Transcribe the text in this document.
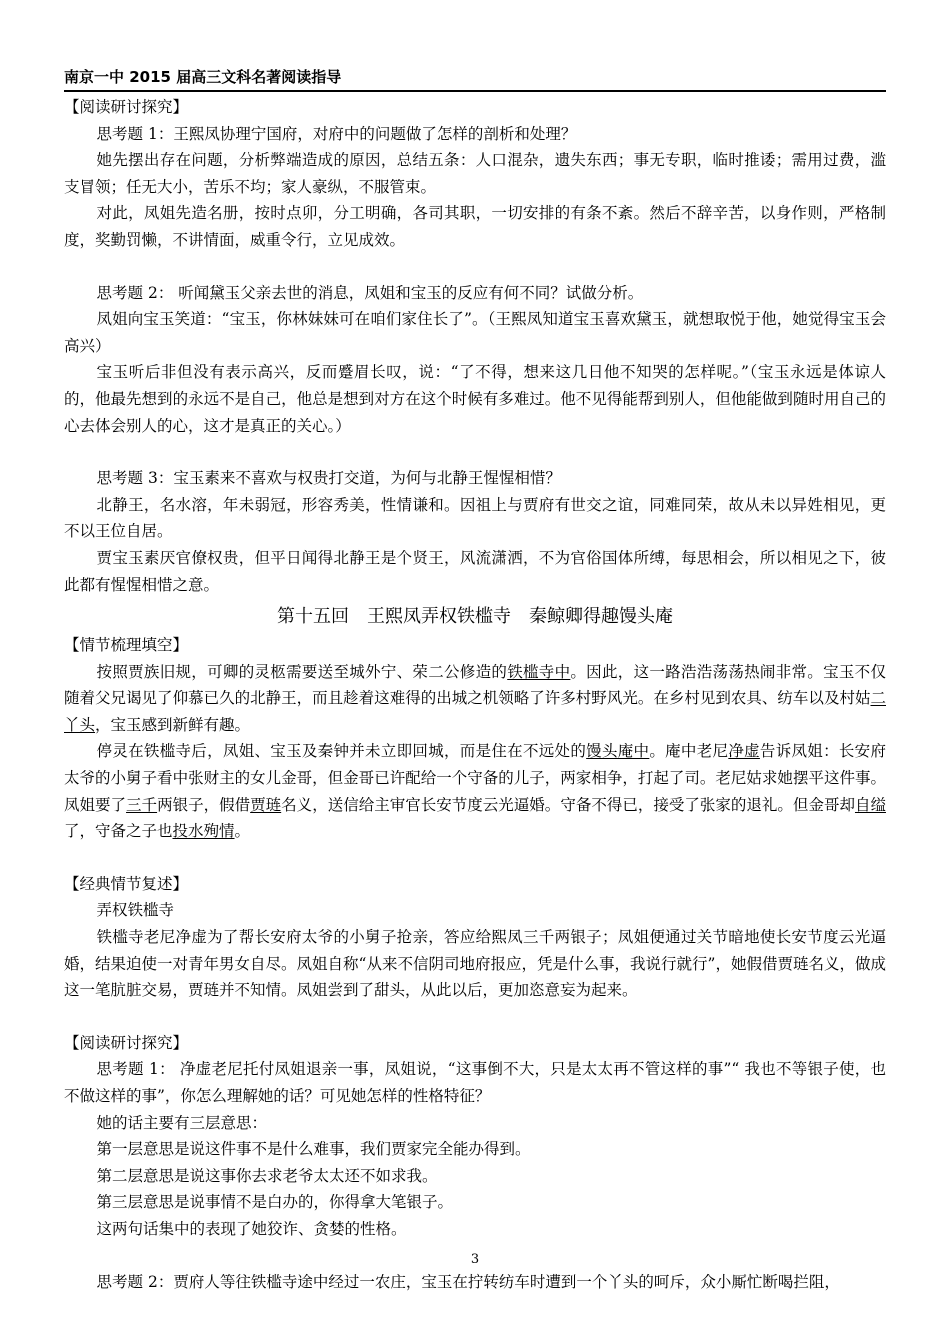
南京一中 2015 届高三文科名著阅读指导

【阅读研讨探究】

思考题 1：王熙凤协理宁国府，对府中的问题做了怎样的剖析和处理？

她先摆出存在问题，分析弊端造成的原因，总结五条：人口混杂，遗失东西；事无专职，临时推诿；需用过费，滥支冒领；任无大小，苦乐不均；家人豪纵，不服管束。

对此，凤姐先造名册，按时点卯，分工明确，各司其职，一切安排的有条不紊。然后不辞辛苦，以身作则，严格制度，奖勤罚懒，不讲情面，威重令行，立见成效。

思考题 2： 听闻黛玉父亲去世的消息，凤姐和宝玉的反应有何不同？试做分析。

凤姐向宝玉笑道：“宝玉，你林妹妹可在咱们家住长了”。（王熙凤知道宝玉喜欢黛玉，就想取悦于他，她觉得宝玉会高兴）

宝玉听后非但没有表示高兴，反而蹙眉长叹，说：“了不得，想来这几日他不知哭的怎样呢。”（宝玉永远是体谅人的，他最先想到的永远不是自己，他总是想到对方在这个时候有多难过。他不见得能帮到别人，但他能做到随时用自己的心去体会别人的心，这才是真正的关心。）

思考题 3：宝玉素来不喜欢与权贵打交道，为何与北静王惺惺相惜？

北静王，名水溶，年未弱冠，形容秀美，性情谦和。因祖上与贾府有世交之谊，同难同荣，故从未以异姓相见，更不以王位自居。

贾宝玉素厌官僚权贵，但平日闻得北静王是个贤王，风流潇洒，不为官俗国体所缚，每思相会，所以相见之下，彼此都有惺惺相惜之意。

第十五回　王熙凤弄权铁槛寺　秦鲸卿得趣馒头庵

【情节梳理填空】

按照贾族旧规，可卿的灵柩需要送至城外宁、荣二公修造的铁槛寺中。因此，这一路浩浩荡荡热闹非常。宝玉不仅随着父兄谒见了仰慕已久的北静王，而且趁着这难得的出城之机领略了许多村野风光。在乡村见到农具、纺车以及村姑二丫头，宝玉感到新鲜有趣。

停灵在铁槛寺后，凤姐、宝玉及秦钟并未立即回城，而是住在不远处的馒头庵中。庵中老尼净虚告诉凤姐：长安府太爷的小舅子看中张财主的女儿金哥，但金哥已许配给一个守备的儿子，两家相争，打起了司。老尼姑求她摆平这件事。凤姐要了三千两银子，假借贾琏名义，送信给主审官长安节度云光逼婚。守备不得已，接受了张家的退礼。但金哥却自缢了，守备之子也投水殉情。

【经典情节复述】

弄权铁槛寺

铁槛寺老尼净虚为了帮长安府太爷的小舅子抢亲，答应给熙凤三千两银子；凤姐便通过关节暗地使长安节度云光逼婚，结果迫使一对青年男女自尽。凤姐自称“从来不信阴司地府报应，凭是什么事，我说行就行”，她假借贾琏名义，做成这一笔肮脏交易，贾琏并不知情。凤姐尝到了甜头，从此以后，更加恣意妄为起来。

【阅读研讨探究】

思考题 1： 净虚老尼托付凤姐退亲一事，凤姐说，“这事倒不大，只是太太再不管这样的事”“ 我也不等银子使，也不做这样的事”，你怎么理解她的话？可见她怎样的性格特征？

她的话主要有三层意思：

第一层意思是说这件事不是什么难事，我们贾家完全能办得到。

第二层意思是说这事你去求老爷太太还不如求我。

第三层意思是说事情不是白办的，你得拿大笔银子。

这两句话集中的表现了她狡诈、贪婪的性格。

思考题 2：贾府人等往铁槛寺途中经过一农庄，宝玉在拧转纺车时遭到一个丫头的呵斥，众小厮忙断喝拦阻，

3
